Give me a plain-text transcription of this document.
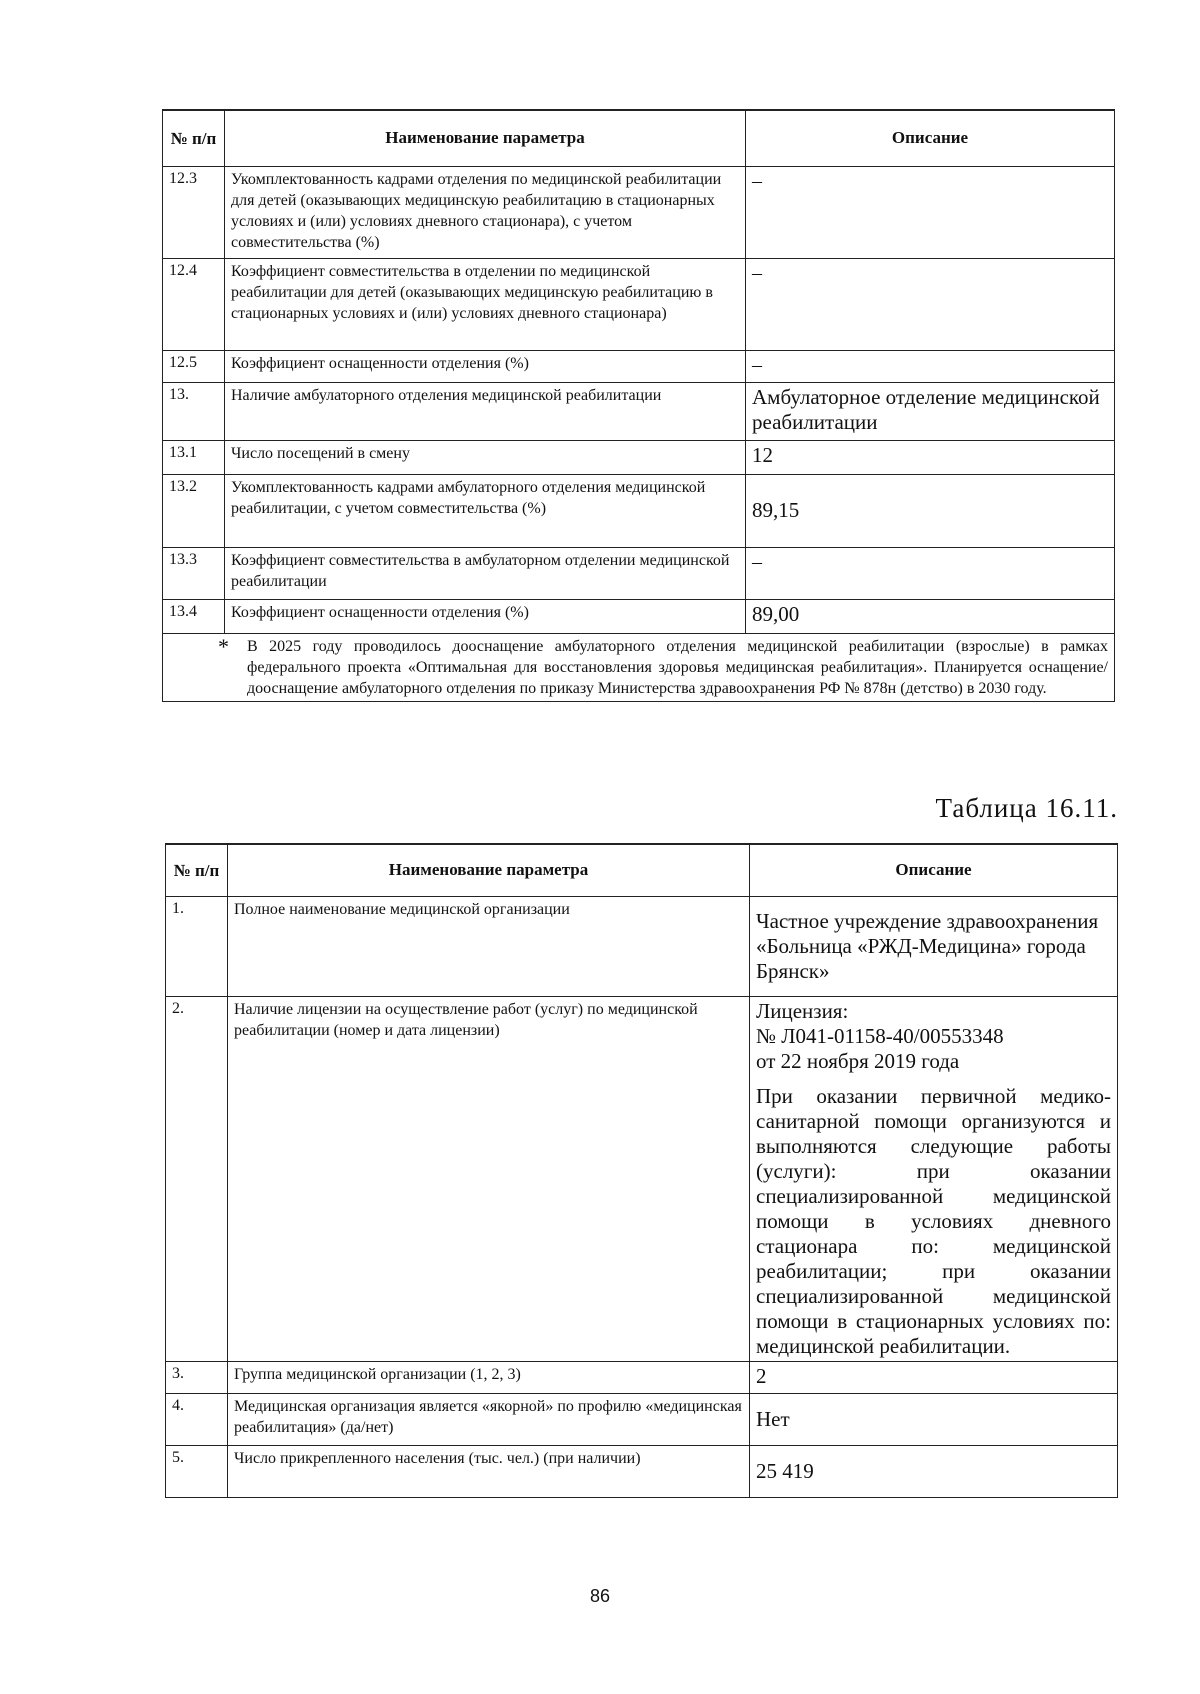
№ п/п	Наименование параметра	Описание
12.3	Укомплектованность кадрами отделения по медицинской реабилитации для детей (оказывающих медицинскую реабилитацию в стационарных условиях и (или) условиях дневного стационара), с учетом совместительства (%)	–
12.4	Коэффициент совместительства в отделении по медицинской реабилитации для детей (оказывающих медицинскую реабилитацию в стационарных условиях и (или) условиях дневного стационара)	–
12.5	Коэффициент оснащенности отделения (%)	–
13.	Наличие амбулаторного отделения медицинской реабилитации	Амбулаторное отделение медицинской реабилитации
13.1	Число посещений в смену	12
13.2	Укомплектованность кадрами амбулаторного отделения медицинской реабилитации, с учетом совместительства (%)	89,15
13.3	Коэффициент совместительства в амбулаторном отделении медицинской реабилитации	–
13.4	Коэффициент оснащенности отделения (%)	89,00

* В 2025 году проводилось дооснащение амбулаторного отделения медицинской реабилитации (взрослые) в рамках федерального проекта «Оптимальная для восстановления здоровья медицинская реабилитация». Планируется оснащение/дооснащение амбулаторного отделения по приказу Министерства здравоохранения РФ № 878н (детство) в 2030 году.		
Таблица 16.11.
№ п/п	Наименование параметра	Описание
1.	Полное наименование медицинской организации	Частное учреждение здравоохранения «Больница «РЖД-Медицина» города Брянск»
2.	Наличие лицензии на осуществление работ (услуг) по медицинской реабилитации (номер и дата лицензии)	Лицензия:
№ Л041-01158-40/00553348
от 22 ноября 2019 года
При оказании первичной медико-санитарной помощи организуются и выполняются следующие работы (услуги): при оказании специализированной медицинской помощи в условиях дневного стационара по: медицинской реабилитации; при оказании специализированной медицинской помощи в стационарных условиях по: медицинской реабилитации.

3.	Группа медицинской организации (1, 2, 3)	2
4.	Медицинская организация является «якорной» по профилю «медицинская реабилитация» (да/нет)	Нет
5.	Число прикрепленного населения (тыс. чел.) (при наличии)	25 419
86
